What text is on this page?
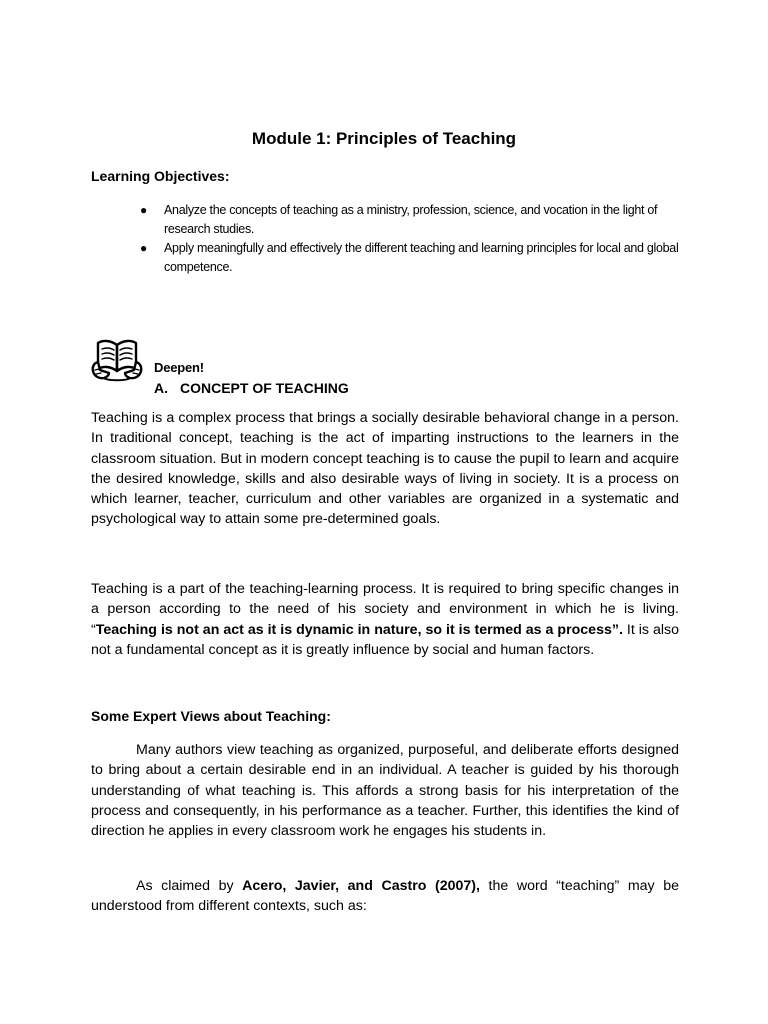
Module 1: Principles of Teaching
Learning Objectives:
● Analyze the concepts of teaching as a ministry, profession, science, and vocation in the light of research studies.
● Apply meaningfully and effectively the different teaching and learning principles for local and global competence.
Deepen!
A. CONCEPT OF TEACHING

Teaching is a complex process that brings a socially desirable behavioral change in a person. In traditional concept, teaching is the act of imparting instructions to the learners in the classroom situation. But in modern concept teaching is to cause the pupil to learn and acquire the desired knowledge, skills and also desirable ways of living in society. It is a process on which learner, teacher, curriculum and other variables are organized in a systematic and psychological way to attain some pre-determined goals.

Teaching is a part of the teaching-learning process. It is required to bring specific changes in a person according to the need of his society and environment in which he is living. “Teaching is not an act as it is dynamic in nature, so it is termed as a process”. It is also not a fundamental concept as it is greatly influence by social and human factors.

Some Expert Views about Teaching:

Many authors view teaching as organized, purposeful, and deliberate efforts designed to bring about a certain desirable end in an individual. A teacher is guided by his thorough understanding of what teaching is. This affords a strong basis for his interpretation of the process and consequently, in his performance as a teacher. Further, this identifies the kind of direction he applies in every classroom work he engages his students in.

As claimed by Acero, Javier, and Castro (2007), the word “teaching” may be understood from different contexts, such as:
